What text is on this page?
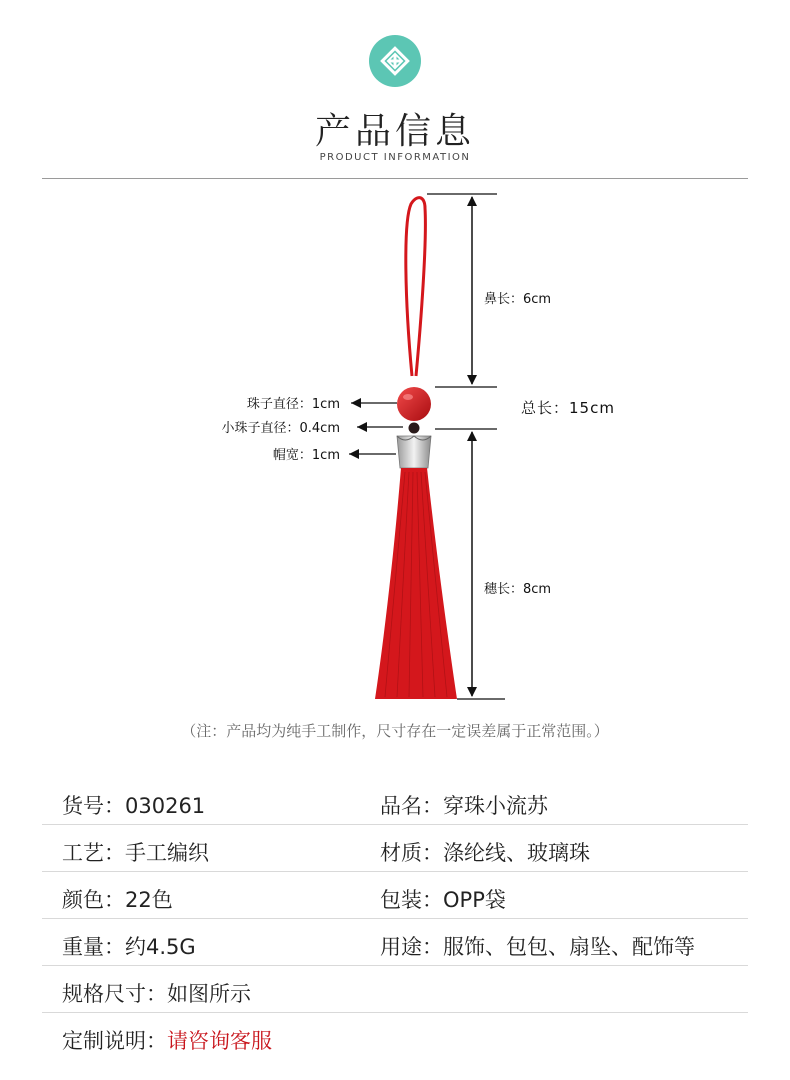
产品信息
PRODUCT INFORMATION
珠子直径：1cm
小珠子直径：0.4cm
帽宽：1cm
鼻长：6cm
总长：15cm
穗长：8cm
（注：产品均为纯手工制作，尺寸存在一定误差属于正常范围。）
货号：030261	品名：穿珠小流苏
工艺：手工编织	材质：涤纶线、玻璃珠
颜色：22色	包装：OPP袋
重量：约4.5G	用途：服饰、包包、扇坠、配饰等
规格尺寸：如图所示
定制说明：请咨询客服
